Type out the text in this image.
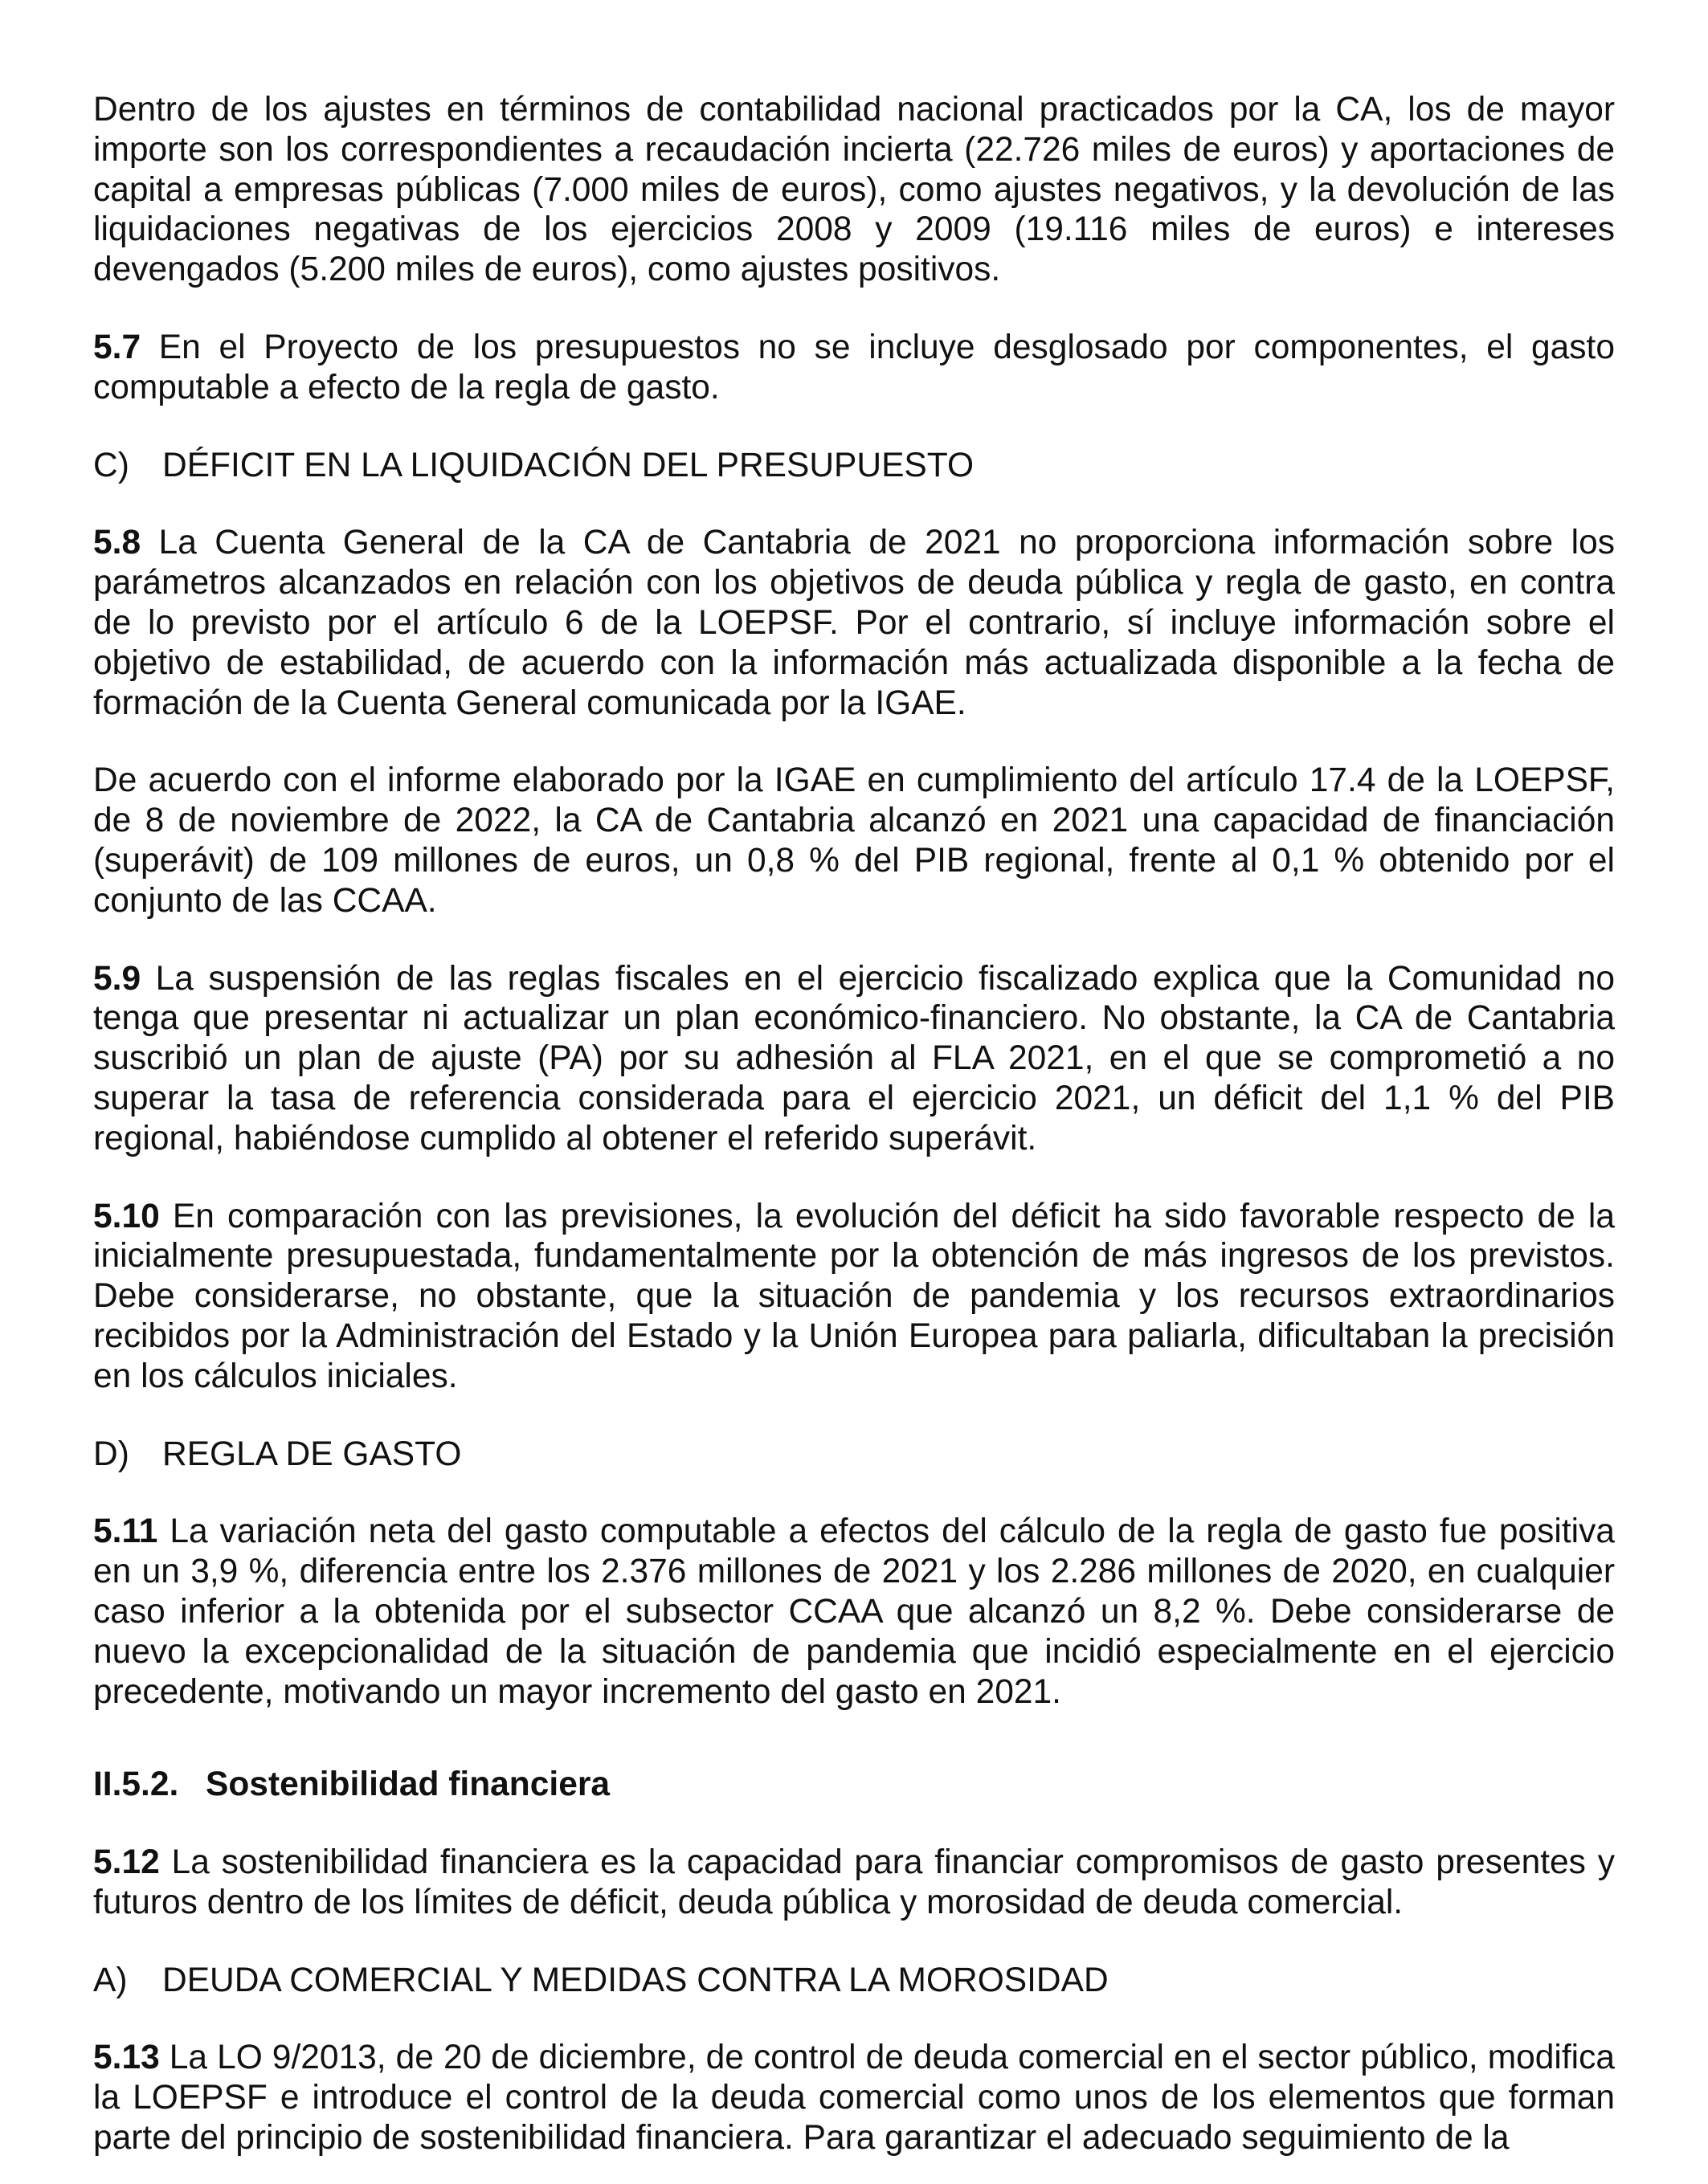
Dentro de los ajustes en términos de contabilidad nacional practicados por la CA, los de mayor importe son los correspondientes a recaudación incierta (22.726 miles de euros) y aportaciones de capital a empresas públicas (7.000 miles de euros), como ajustes negativos, y la devolución de las liquidaciones negativas de los ejercicios 2008 y 2009 (19.116 miles de euros) e intereses devengados (5.200 miles de euros), como ajustes positivos.

5.7 En el Proyecto de los presupuestos no se incluye desglosado por componentes, el gasto computable a efecto de la regla de gasto.

C) DÉFICIT EN LA LIQUIDACIÓN DEL PRESUPUESTO

5.8 La Cuenta General de la CA de Cantabria de 2021 no proporciona información sobre los parámetros alcanzados en relación con los objetivos de deuda pública y regla de gasto, en contra de lo previsto por el artículo 6 de la LOEPSF. Por el contrario, sí incluye información sobre el objetivo de estabilidad, de acuerdo con la información más actualizada disponible a la fecha de formación de la Cuenta General comunicada por la IGAE.

De acuerdo con el informe elaborado por la IGAE en cumplimiento del artículo 17.4 de la LOEPSF, de 8 de noviembre de 2022, la CA de Cantabria alcanzó en 2021 una capacidad de financiación (superávit) de 109 millones de euros, un 0,8 % del PIB regional, frente al 0,1 % obtenido por el conjunto de las CCAA.

5.9 La suspensión de las reglas fiscales en el ejercicio fiscalizado explica que la Comunidad no tenga que presentar ni actualizar un plan económico-financiero. No obstante, la CA de Cantabria suscribió un plan de ajuste (PA) por su adhesión al FLA 2021, en el que se comprometió a no superar la tasa de referencia considerada para el ejercicio 2021, un déficit del 1,1 % del PIB regional, habiéndose cumplido al obtener el referido superávit.

5.10 En comparación con las previsiones, la evolución del déficit ha sido favorable respecto de la inicialmente presupuestada, fundamentalmente por la obtención de más ingresos de los previstos. Debe considerarse, no obstante, que la situación de pandemia y los recursos extraordinarios recibidos por la Administración del Estado y la Unión Europea para paliarla, dificultaban la precisión en los cálculos iniciales.

D) REGLA DE GASTO

5.11 La variación neta del gasto computable a efectos del cálculo de la regla de gasto fue positiva en un 3,9 %, diferencia entre los 2.376 millones de 2021 y los 2.286 millones de 2020, en cualquier caso inferior a la obtenida por el subsector CCAA que alcanzó un 8,2 %. Debe considerarse de nuevo la excepcionalidad de la situación de pandemia que incidió especialmente en el ejercicio precedente, motivando un mayor incremento del gasto en 2021.

II.5.2. Sostenibilidad financiera

5.12 La sostenibilidad financiera es la capacidad para financiar compromisos de gasto presentes y futuros dentro de los límites de déficit, deuda pública y morosidad de deuda comercial.

A) DEUDA COMERCIAL Y MEDIDAS CONTRA LA MOROSIDAD

5.13 La LO 9/2013, de 20 de diciembre, de control de deuda comercial en el sector público, modifica la LOEPSF e introduce el control de la deuda comercial como unos de los elementos que forman parte del principio de sostenibilidad financiera. Para garantizar el adecuado seguimiento de la
